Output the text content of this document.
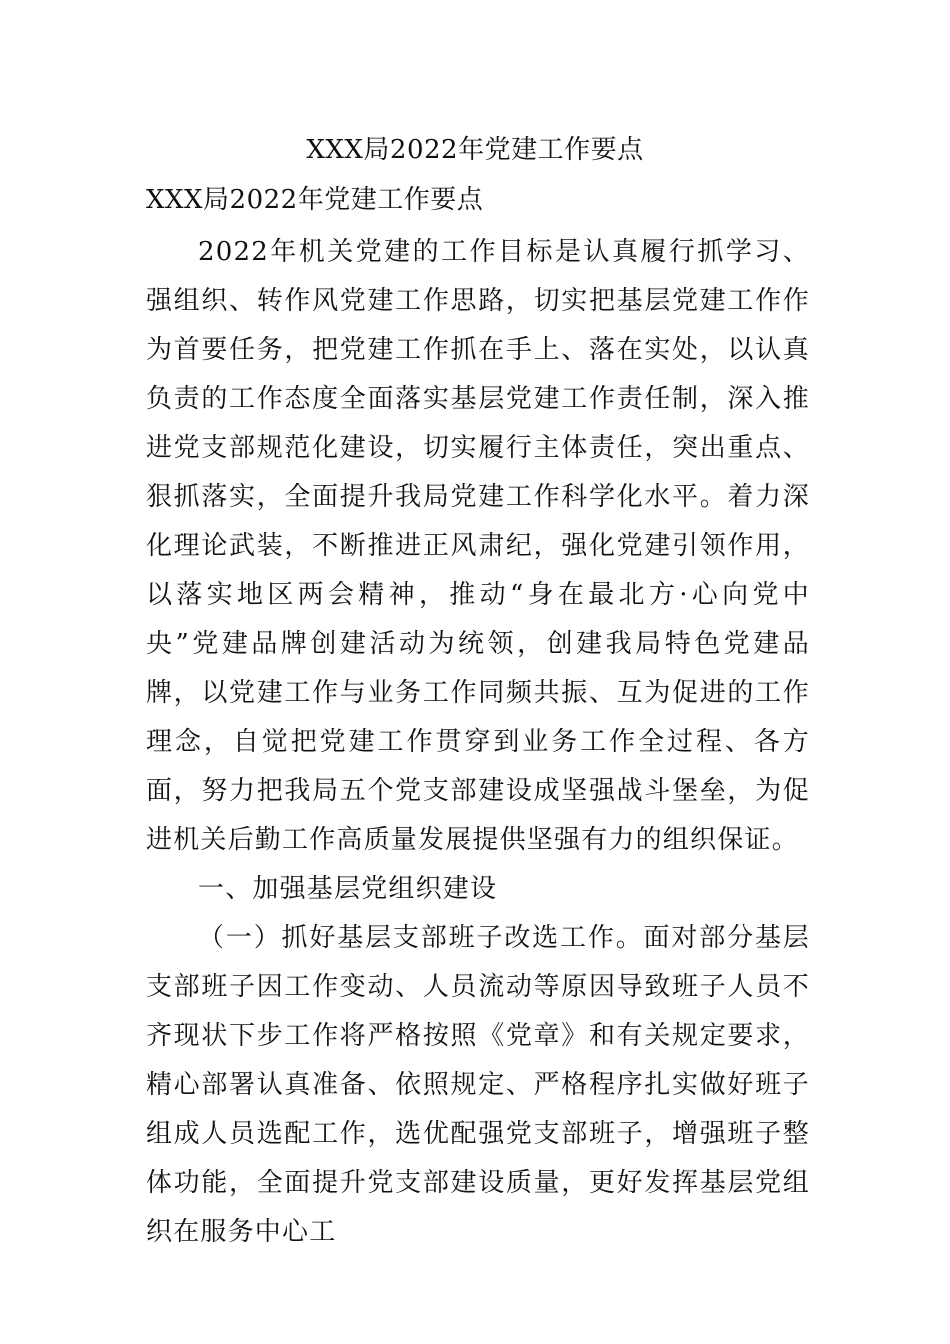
XXX局2022年党建工作要点
XXX局2022年党建工作要点

2022年机关党建的工作目标是认真履行抓学习、强组织、转作风党建工作思路，切实把基层党建工作作为首要任务，把党建工作抓在手上、落在实处，以认真负责的工作态度全面落实基层党建工作责任制，深入推进党支部规范化建设，切实履行主体责任，突出重点、狠抓落实，全面提升我局党建工作科学化水平。着力深化理论武装，不断推进正风肃纪，强化党建引领作用，以落实地区两会精神，推动“身在最北方·心向党中央”党建品牌创建活动为统领，创建我局特色党建品牌，以党建工作与业务工作同频共振、互为促进的工作理念，自觉把党建工作贯穿到业务工作全过程、各方面，努力把我局五个党支部建设成坚强战斗堡垒，为促进机关后勤工作高质量发展提供坚强有力的组织保证。

一、加强基层党组织建设

（一）抓好基层支部班子改选工作。面对部分基层支部班子因工作变动、人员流动等原因导致班子人员不齐现状下步工作将严格按照《党章》和有关规定要求，精心部署认真准备、依照规定、严格程序扎实做好班子组成人员选配工作，选优配强党支部班子，增强班子整体功能，全面提升党支部建设质量，更好发挥基层党组织在服务中心工
